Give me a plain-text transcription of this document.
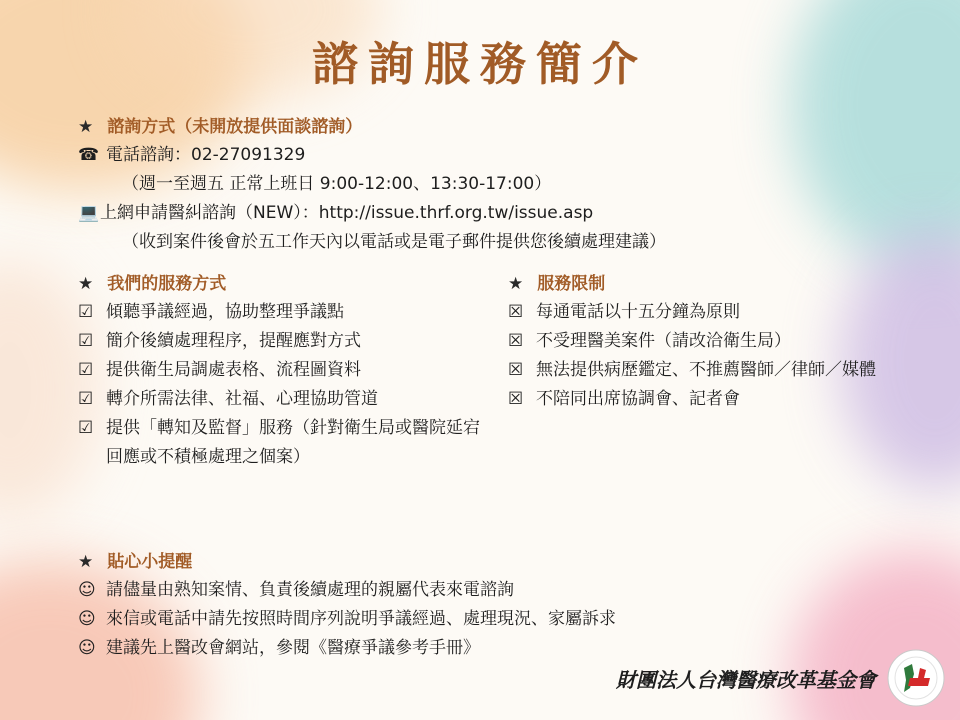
諮詢服務簡介
★ 諮詢方式（未開放提供面談諮詢）
☎ 電話諮詢：02-27091329
（週一至週五 正常上班日 9:00-12:00、13:30-17:00）
💻上網申請醫糾諮詢（NEW）：http://issue.thrf.org.tw/issue.asp
（收到案件後會於五工作天內以電話或是電子郵件提供您後續處理建議）
★ 我們的服務方式
☑ 傾聽爭議經過，協助整理爭議點
☑ 簡介後續處理程序，提醒應對方式
☑ 提供衛生局調處表格、流程圖資料
☑ 轉介所需法律、社福、心理協助管道
☑ 提供「轉知及監督」服務（針對衛生局或醫院延宕回應或不積極處理之個案）
★ 服務限制
☒ 每通電話以十五分鐘為原則
☒ 不受理醫美案件（請改洽衛生局）
☒ 無法提供病歷鑑定、不推薦醫師／律師／媒體
☒ 不陪同出席協調會、記者會
★ 貼心小提醒
☺ 請儘量由熟知案情、負責後續處理的親屬代表來電諮詢
☺ 來信或電話中請先按照時間序列說明爭議經過、處理現況、家屬訴求
☺ 建議先上醫改會網站，參閱《醫療爭議參考手冊》
財團法人台灣醫療改革基金會
